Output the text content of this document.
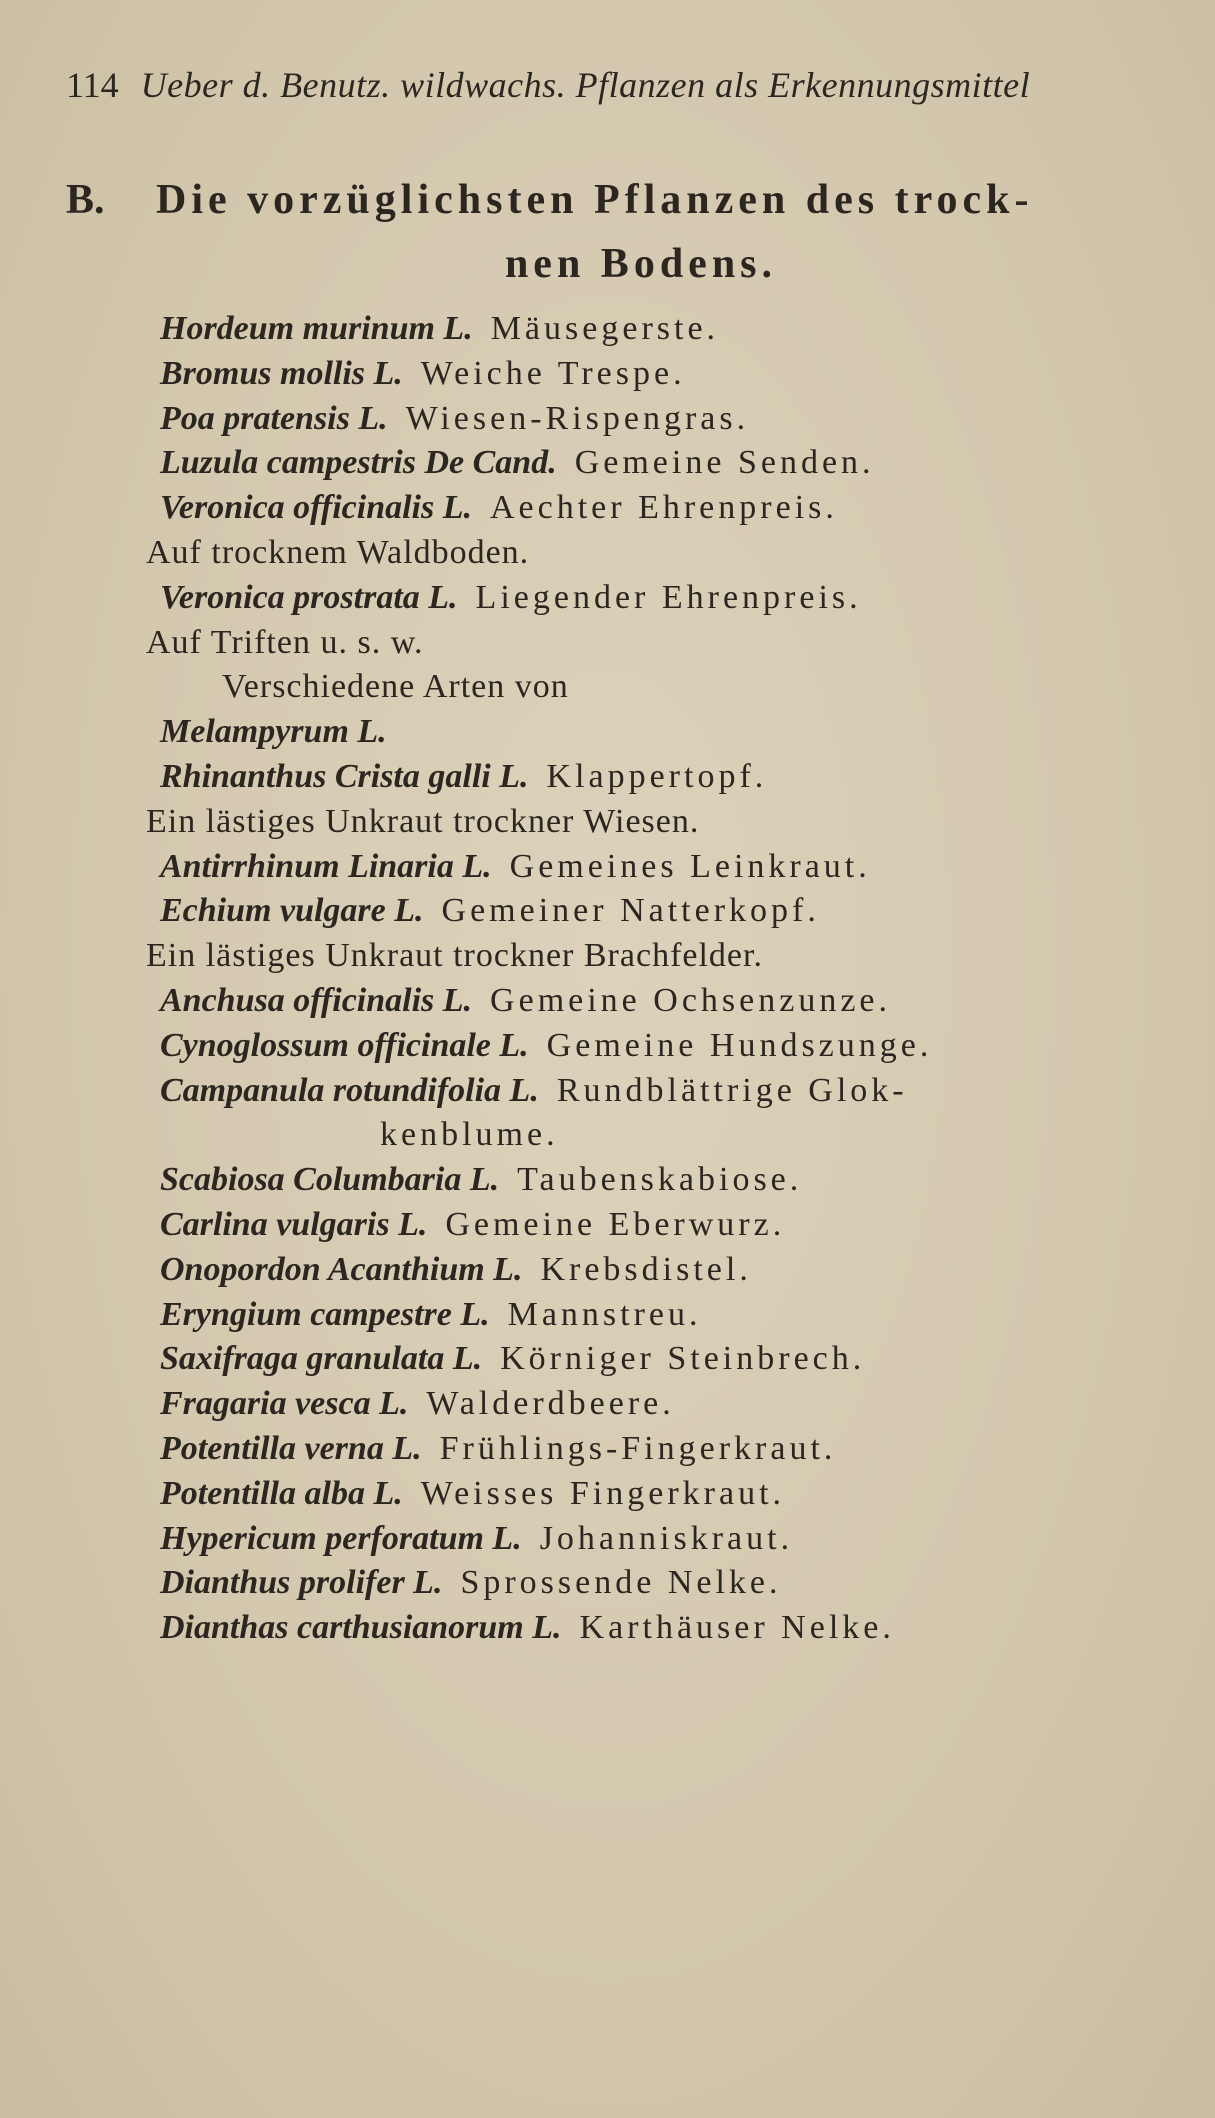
114 Ueber d. Benutz. wildwachs. Pflanzen als Erkennungsmittel
B. Die vorzüglichsten Pflanzen des trock-
nen Bodens.
Hordeum murinum L. Mäusegerste.
Bromus mollis L. Weiche Trespe.
Poa pratensis L. Wiesen-Rispengras.
Luzula campestris De Cand. Gemeine Senden.
Veronica officinalis L. Aechter Ehrenpreis.
Auf trocknem Waldboden.
Veronica prostrata L. Liegender Ehrenpreis.
Auf Triften u. s. w.
Verschiedene Arten von
Melampyrum L.
Rhinanthus Crista galli L. Klappertopf.
Ein lästiges Unkraut trockner Wiesen.
Antirrhinum Linaria L. Gemeines Leinkraut.
Echium vulgare L. Gemeiner Natterkopf.
Ein lästiges Unkraut trockner Brachfelder.
Anchusa officinalis L. Gemeine Ochsenzunze.
Cynoglossum officinale L. Gemeine Hundszunge.
Campanula rotundifolia L. Rundblättrige Glok-
kenblume.
Scabiosa Columbaria L. Taubenskabiose.
Carlina vulgaris L. Gemeine Eberwurz.
Onopordon Acanthium L. Krebsdistel.
Eryngium campestre L. Mannstreu.
Saxifraga granulata L. Körniger Steinbrech.
Fragaria vesca L. Walderdbeere.
Potentilla verna L. Frühlings-Fingerkraut.
Potentilla alba L. Weisses Fingerkraut.
Hypericum perforatum L. Johanniskraut.
Dianthus prolifer L. Sprossende Nelke.
Dianthas carthusianorum L. Karthäuser Nelke.
